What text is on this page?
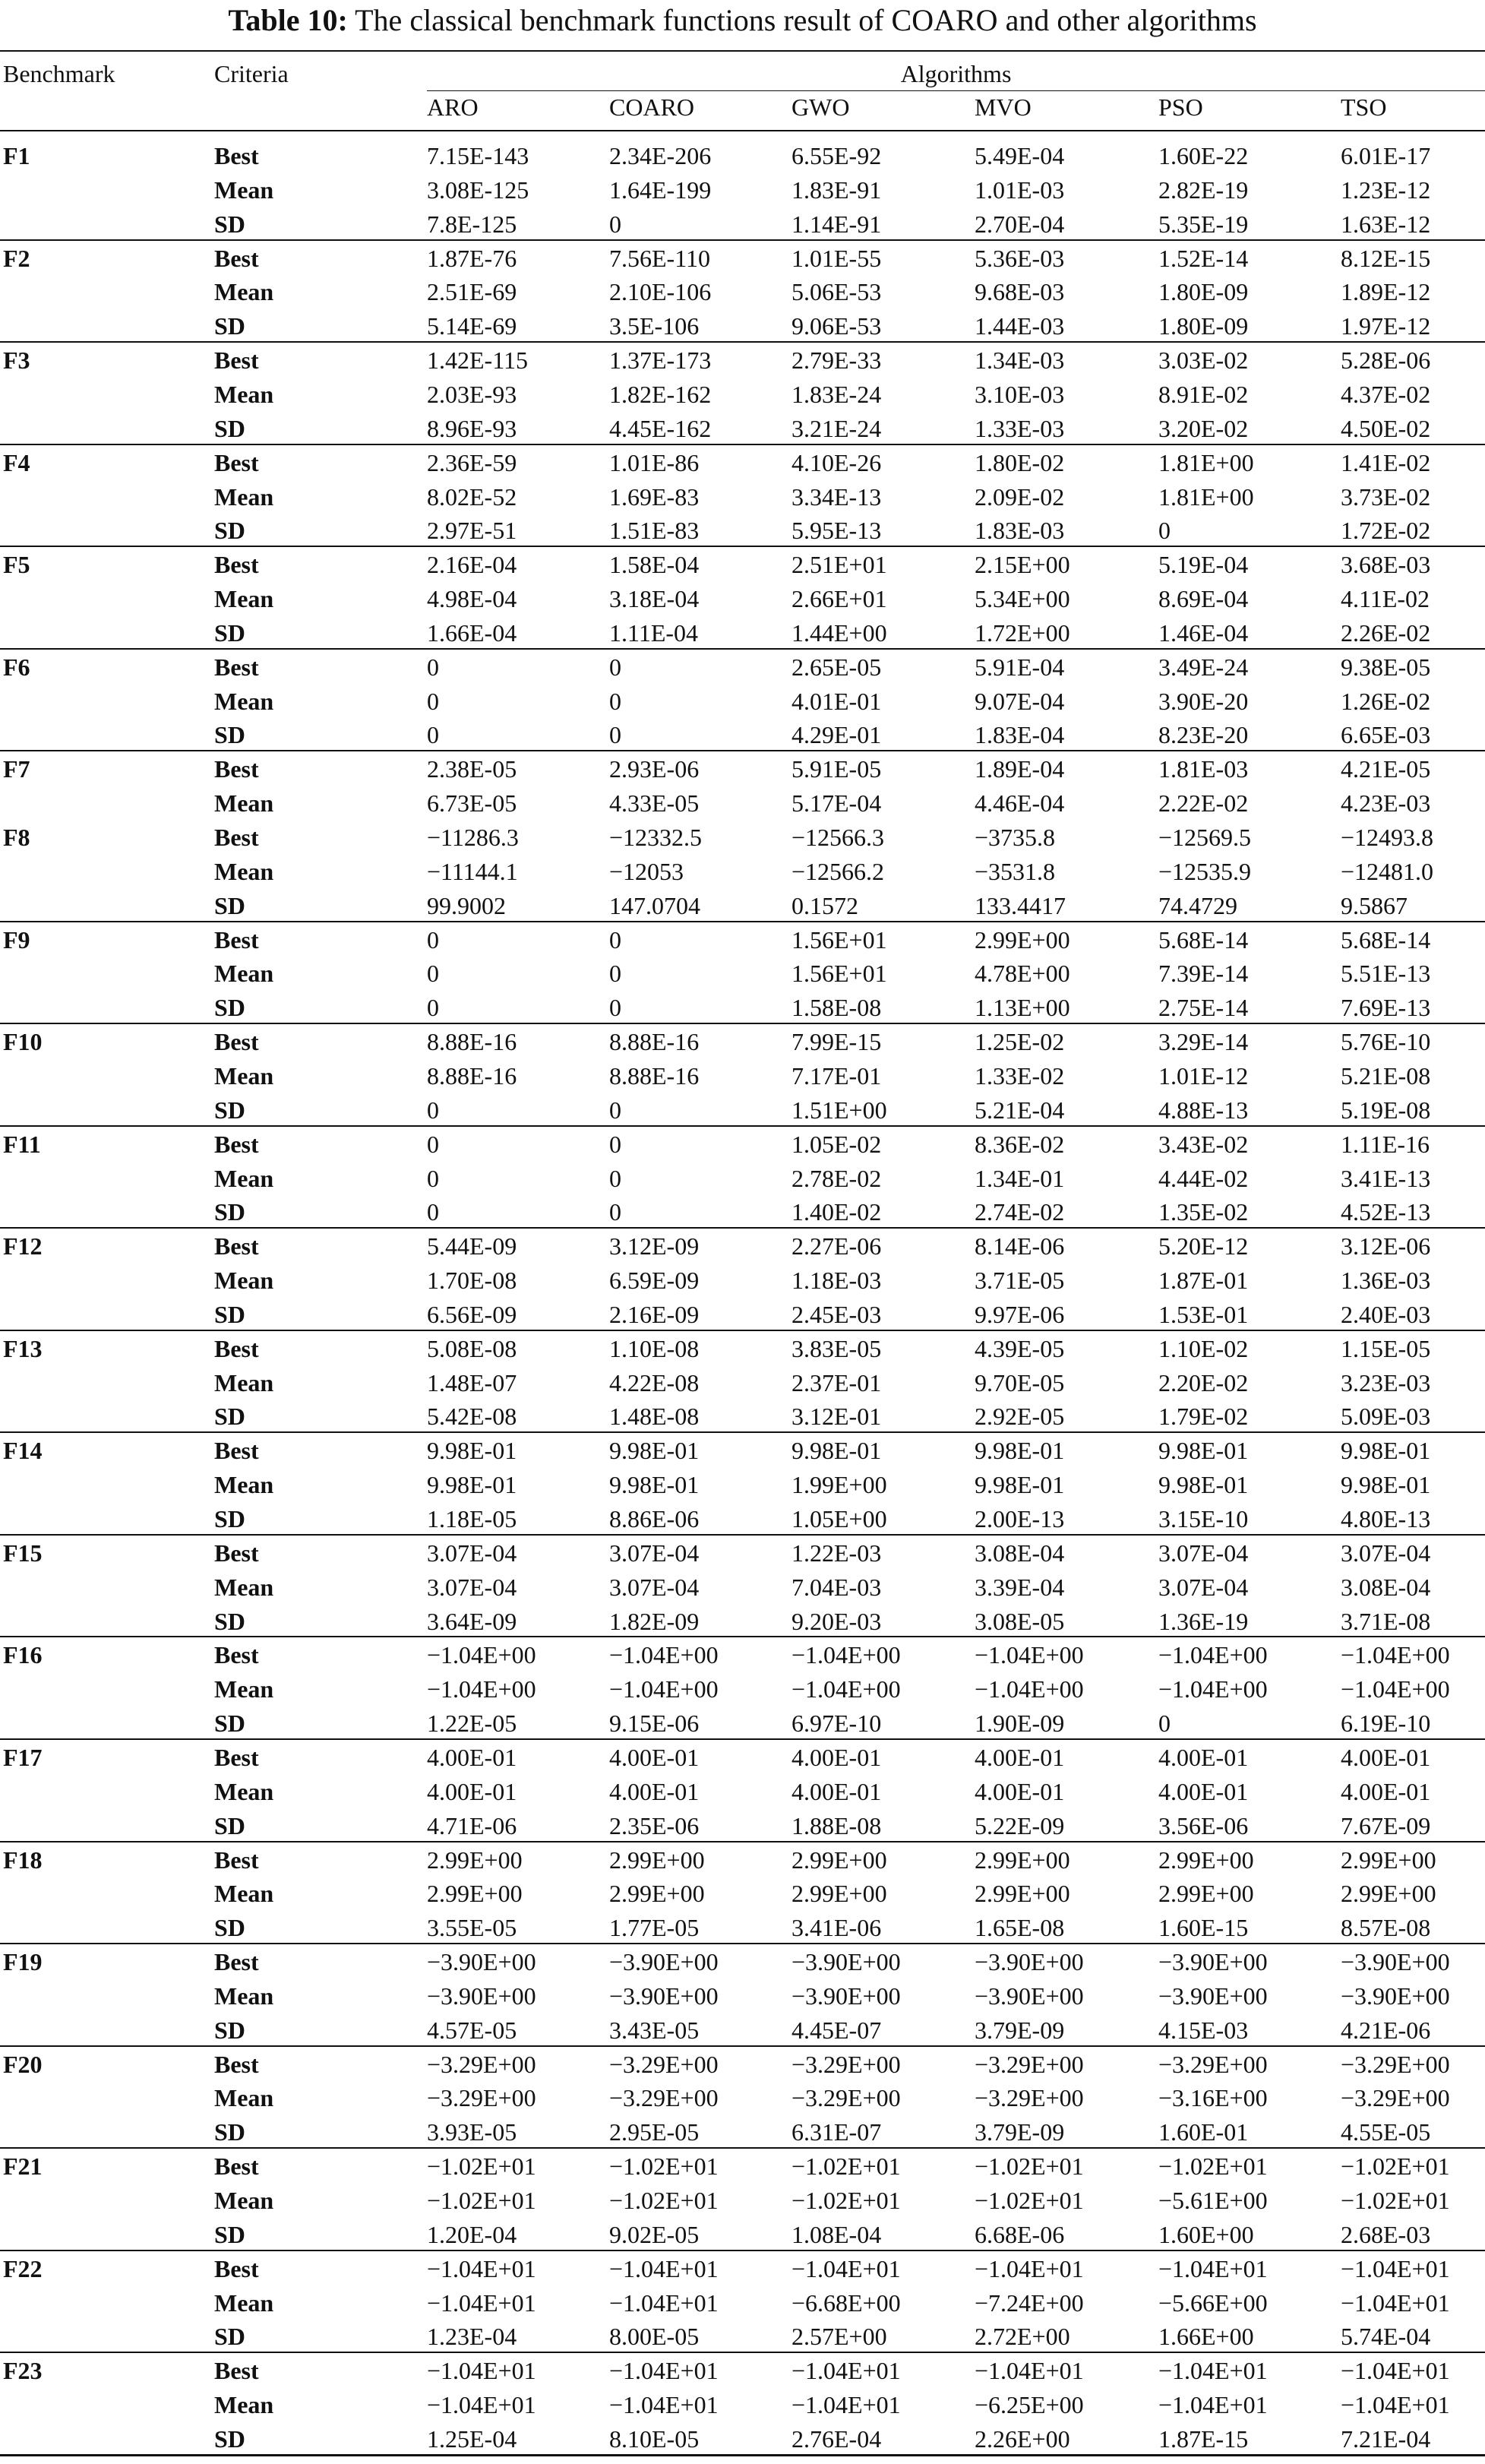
Table 10: The classical benchmark functions result of COARO and other algorithms
Benchmark	Criteria	Algorithms
ARO	COARO	GWO	MVO	PSO	TSO
F1	Best	7.15E-143	2.34E-206	6.55E-92	5.49E-04	1.60E-22	6.01E-17
Mean	3.08E-125	1.64E-199	1.83E-91	1.01E-03	2.82E-19	1.23E-12
SD	7.8E-125	0	1.14E-91	2.70E-04	5.35E-19	1.63E-12
F2	Best	1.87E-76	7.56E-110	1.01E-55	5.36E-03	1.52E-14	8.12E-15
Mean	2.51E-69	2.10E-106	5.06E-53	9.68E-03	1.80E-09	1.89E-12
SD	5.14E-69	3.5E-106	9.06E-53	1.44E-03	1.80E-09	1.97E-12
F3	Best	1.42E-115	1.37E-173	2.79E-33	1.34E-03	3.03E-02	5.28E-06
Mean	2.03E-93	1.82E-162	1.83E-24	3.10E-03	8.91E-02	4.37E-02
SD	8.96E-93	4.45E-162	3.21E-24	1.33E-03	3.20E-02	4.50E-02
F4	Best	2.36E-59	1.01E-86	4.10E-26	1.80E-02	1.81E+00	1.41E-02
Mean	8.02E-52	1.69E-83	3.34E-13	2.09E-02	1.81E+00	3.73E-02
SD	2.97E-51	1.51E-83	5.95E-13	1.83E-03	0	1.72E-02
F5	Best	2.16E-04	1.58E-04	2.51E+01	2.15E+00	5.19E-04	3.68E-03
Mean	4.98E-04	3.18E-04	2.66E+01	5.34E+00	8.69E-04	4.11E-02
SD	1.66E-04	1.11E-04	1.44E+00	1.72E+00	1.46E-04	2.26E-02
F6	Best	0	0	2.65E-05	5.91E-04	3.49E-24	9.38E-05
Mean	0	0	4.01E-01	9.07E-04	3.90E-20	1.26E-02
SD	0	0	4.29E-01	1.83E-04	8.23E-20	6.65E-03
F7	Best	2.38E-05	2.93E-06	5.91E-05	1.89E-04	1.81E-03	4.21E-05
Mean	6.73E-05	4.33E-05	5.17E-04	4.46E-04	2.22E-02	4.23E-03
F8	Best	−11286.3	−12332.5	−12566.3	−3735.8	−12569.5	−12493.8
Mean	−11144.1	−12053	−12566.2	−3531.8	−12535.9	−12481.0
SD	99.9002	147.0704	0.1572	133.4417	74.4729	9.5867
F9	Best	0	0	1.56E+01	2.99E+00	5.68E-14	5.68E-14
Mean	0	0	1.56E+01	4.78E+00	7.39E-14	5.51E-13
SD	0	0	1.58E-08	1.13E+00	2.75E-14	7.69E-13
F10	Best	8.88E-16	8.88E-16	7.99E-15	1.25E-02	3.29E-14	5.76E-10
Mean	8.88E-16	8.88E-16	7.17E-01	1.33E-02	1.01E-12	5.21E-08
SD	0	0	1.51E+00	5.21E-04	4.88E-13	5.19E-08
F11	Best	0	0	1.05E-02	8.36E-02	3.43E-02	1.11E-16
Mean	0	0	2.78E-02	1.34E-01	4.44E-02	3.41E-13
SD	0	0	1.40E-02	2.74E-02	1.35E-02	4.52E-13
F12	Best	5.44E-09	3.12E-09	2.27E-06	8.14E-06	5.20E-12	3.12E-06
Mean	1.70E-08	6.59E-09	1.18E-03	3.71E-05	1.87E-01	1.36E-03
SD	6.56E-09	2.16E-09	2.45E-03	9.97E-06	1.53E-01	2.40E-03
F13	Best	5.08E-08	1.10E-08	3.83E-05	4.39E-05	1.10E-02	1.15E-05
Mean	1.48E-07	4.22E-08	2.37E-01	9.70E-05	2.20E-02	3.23E-03
SD	5.42E-08	1.48E-08	3.12E-01	2.92E-05	1.79E-02	5.09E-03
F14	Best	9.98E-01	9.98E-01	9.98E-01	9.98E-01	9.98E-01	9.98E-01
Mean	9.98E-01	9.98E-01	1.99E+00	9.98E-01	9.98E-01	9.98E-01
SD	1.18E-05	8.86E-06	1.05E+00	2.00E-13	3.15E-10	4.80E-13
F15	Best	3.07E-04	3.07E-04	1.22E-03	3.08E-04	3.07E-04	3.07E-04
Mean	3.07E-04	3.07E-04	7.04E-03	3.39E-04	3.07E-04	3.08E-04
SD	3.64E-09	1.82E-09	9.20E-03	3.08E-05	1.36E-19	3.71E-08
F16	Best	−1.04E+00	−1.04E+00	−1.04E+00	−1.04E+00	−1.04E+00	−1.04E+00
Mean	−1.04E+00	−1.04E+00	−1.04E+00	−1.04E+00	−1.04E+00	−1.04E+00
SD	1.22E-05	9.15E-06	6.97E-10	1.90E-09	0	6.19E-10
F17	Best	4.00E-01	4.00E-01	4.00E-01	4.00E-01	4.00E-01	4.00E-01
Mean	4.00E-01	4.00E-01	4.00E-01	4.00E-01	4.00E-01	4.00E-01
SD	4.71E-06	2.35E-06	1.88E-08	5.22E-09	3.56E-06	7.67E-09
F18	Best	2.99E+00	2.99E+00	2.99E+00	2.99E+00	2.99E+00	2.99E+00
Mean	2.99E+00	2.99E+00	2.99E+00	2.99E+00	2.99E+00	2.99E+00
SD	3.55E-05	1.77E-05	3.41E-06	1.65E-08	1.60E-15	8.57E-08
F19	Best	−3.90E+00	−3.90E+00	−3.90E+00	−3.90E+00	−3.90E+00	−3.90E+00
Mean	−3.90E+00	−3.90E+00	−3.90E+00	−3.90E+00	−3.90E+00	−3.90E+00
SD	4.57E-05	3.43E-05	4.45E-07	3.79E-09	4.15E-03	4.21E-06
F20	Best	−3.29E+00	−3.29E+00	−3.29E+00	−3.29E+00	−3.29E+00	−3.29E+00
Mean	−3.29E+00	−3.29E+00	−3.29E+00	−3.29E+00	−3.16E+00	−3.29E+00
SD	3.93E-05	2.95E-05	6.31E-07	3.79E-09	1.60E-01	4.55E-05
F21	Best	−1.02E+01	−1.02E+01	−1.02E+01	−1.02E+01	−1.02E+01	−1.02E+01
Mean	−1.02E+01	−1.02E+01	−1.02E+01	−1.02E+01	−5.61E+00	−1.02E+01
SD	1.20E-04	9.02E-05	1.08E-04	6.68E-06	1.60E+00	2.68E-03
F22	Best	−1.04E+01	−1.04E+01	−1.04E+01	−1.04E+01	−1.04E+01	−1.04E+01
Mean	−1.04E+01	−1.04E+01	−6.68E+00	−7.24E+00	−5.66E+00	−1.04E+01
SD	1.23E-04	8.00E-05	2.57E+00	2.72E+00	1.66E+00	5.74E-04
F23	Best	−1.04E+01	−1.04E+01	−1.04E+01	−1.04E+01	−1.04E+01	−1.04E+01
Mean	−1.04E+01	−1.04E+01	−1.04E+01	−6.25E+00	−1.04E+01	−1.04E+01
SD	1.25E-04	8.10E-05	2.76E-04	2.26E+00	1.87E-15	7.21E-04
